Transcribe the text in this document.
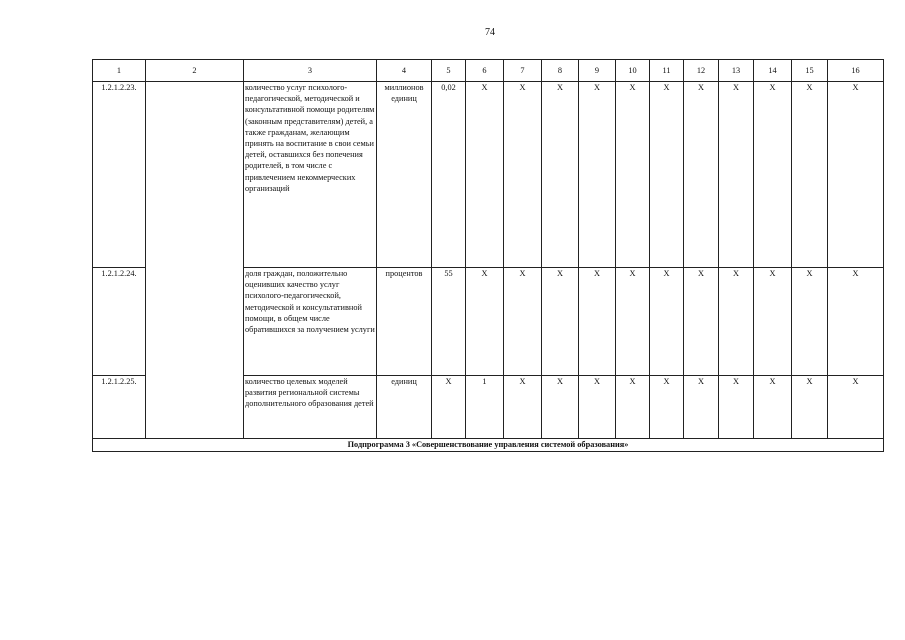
74
1	2	3	4	5	6	7	8	9	10	11	12	13	14	15	16
1.2.1.2.23.		количество услуг психолого-педагогической, методической и консультативной помощи родителям (законным представителям) детей, а также гражданам, желающим принять на воспитание в свои семьи детей, оставшихся без попечения родителей, в том числе с привлечением некоммерческих организаций	миллионов единиц	0,02	X	X	X	X	X	X	X	X	X	X	X
1.2.1.2.24.		доля граждан, положительно оценивших качество услуг психолого-педагогической, методической и консультативной помощи, в общем числе обратившихся за получением услуги	процентов	55	X	X	X	X	X	X	X	X	X	X	X
1.2.1.2.25.		количество целевых моделей развития региональной системы дополнительного образования детей	единиц	X	1	X	X	X	X	X	X	X	X	X	X
Подпрограмма 3 «Совершенствование управления системой образования»															
